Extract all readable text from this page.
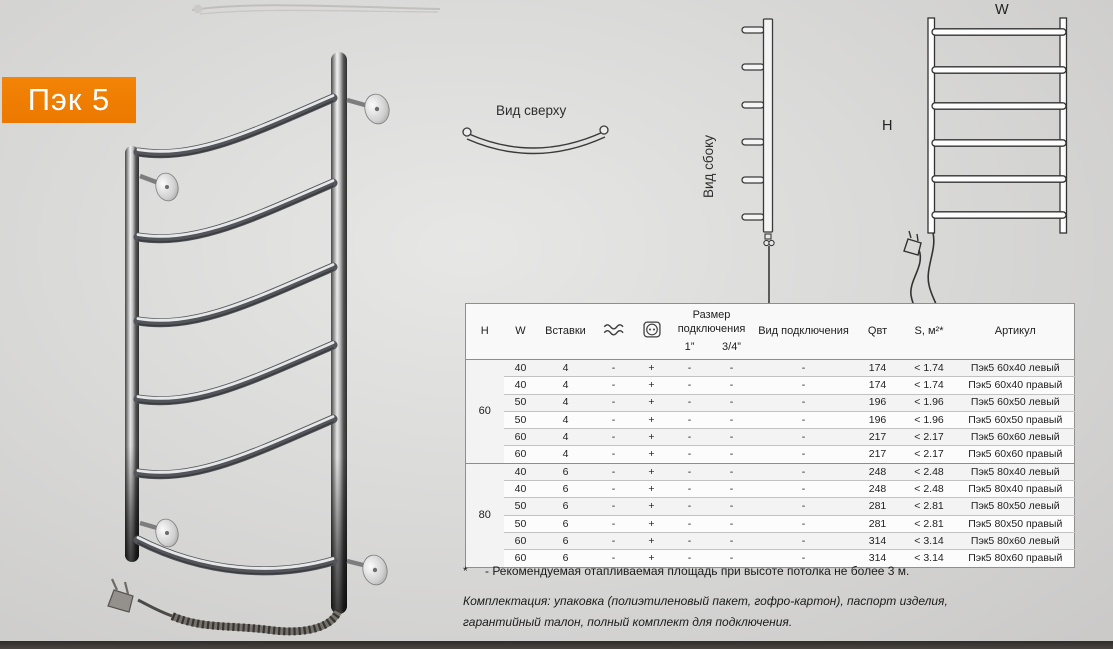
Пэк 5	Вид сверху
Вид сбоку
W
H
H	W	Вставки			Размер подключения		Вид подключения	Qвт	S, м²*	Артикул
					1”	3/4”				
60	40	4	-	+	-	-	-	174	< 1.74	Пэк5 60x40 левый
	40	4	-	+	-	-	-	174	< 1.74	Пэк5 60x40 правый
	50	4	-	+	-	-	-	196	< 1.96	Пэк5 60x50 левый
	50	4	-	+	-	-	-	196	< 1.96	Пэк5 60x50 правый
	60	4	-	+	-	-	-	217	< 2.17	Пэк5 60x60 левый
	60	4	-	+	-	-	-	217	< 2.17	Пэк5 60x60 правый
80	40	6	-	+	-	-	-	248	< 2.48	Пэк5 80x40 левый
	40	6	-	+	-	-	-	248	< 2.48	Пэк5 80x40 правый
	50	6	-	+	-	-	-	281	< 2.81	Пэк5 80x50 левый
	50	6	-	+	-	-	-	281	< 2.81	Пэк5 80x50 правый
	60	6	-	+	-	-	-	314	< 3.14	Пэк5 80x60 левый
	60	6	-	+	-	-	-	314	< 3.14	Пэк5 80x60 правый
*	- Рекомендуемая отапливаемая площадь при высоте потолка не более 3 м.
Комплектация: упаковка (полиэтиленовый пакет, гофро-картон), паспорт изделия, гарантийный талон, полный комплект для подключения.
